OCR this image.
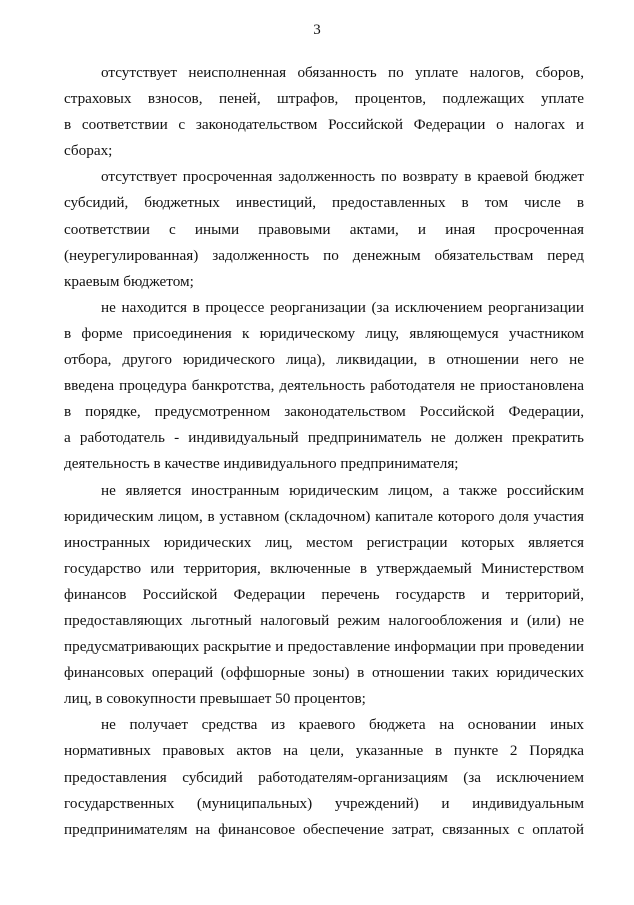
3

отсутствует неисполненная обязанность по уплате налогов, сборов,
страховых взносов, пеней, штрафов, процентов, подлежащих уплате
в соответствии с законодательством Российской Федерации о налогах и
сборах;

отсутствует просроченная задолженность по возврату в краевой бюджет
субсидий, бюджетных инвестиций, предоставленных в том числе в
соответствии с иными правовыми актами, и иная просроченная
(неурегулированная) задолженность по денежным обязательствам перед
краевым бюджетом;

не находится в процессе реорганизации (за исключением реорганизации
в форме присоединения к юридическому лицу, являющемуся участником
отбора, другого юридического лица), ликвидации, в отношении него не
введена процедура банкротства, деятельность работодателя не приостановлена
в порядке, предусмотренном законодательством Российской Федерации,
а работодатель - индивидуальный предприниматель не должен прекратить
деятельность в качестве индивидуального предпринимателя;

не является иностранным юридическим лицом, а также российским
юридическим лицом, в уставном (складочном) капитале которого доля участия
иностранных юридических лиц, местом регистрации которых является
государство или территория, включенные в утверждаемый Министерством
финансов Российской Федерации перечень государств и территорий,
предоставляющих льготный налоговый режим налогообложения и (или) не
предусматривающих раскрытие и предоставление информации при проведении
финансовых операций (оффшорные зоны) в отношении таких юридических
лиц, в совокупности превышает 50 процентов;

не получает средства из краевого бюджета на основании иных
нормативных правовых актов на цели, указанные в пункте 2 Порядка
предоставления субсидий работодателям-организациям (за исключением
государственных (муниципальных) учреждений) и индивидуальным
предпринимателям на финансовое обеспечение затрат, связанных с оплатой
